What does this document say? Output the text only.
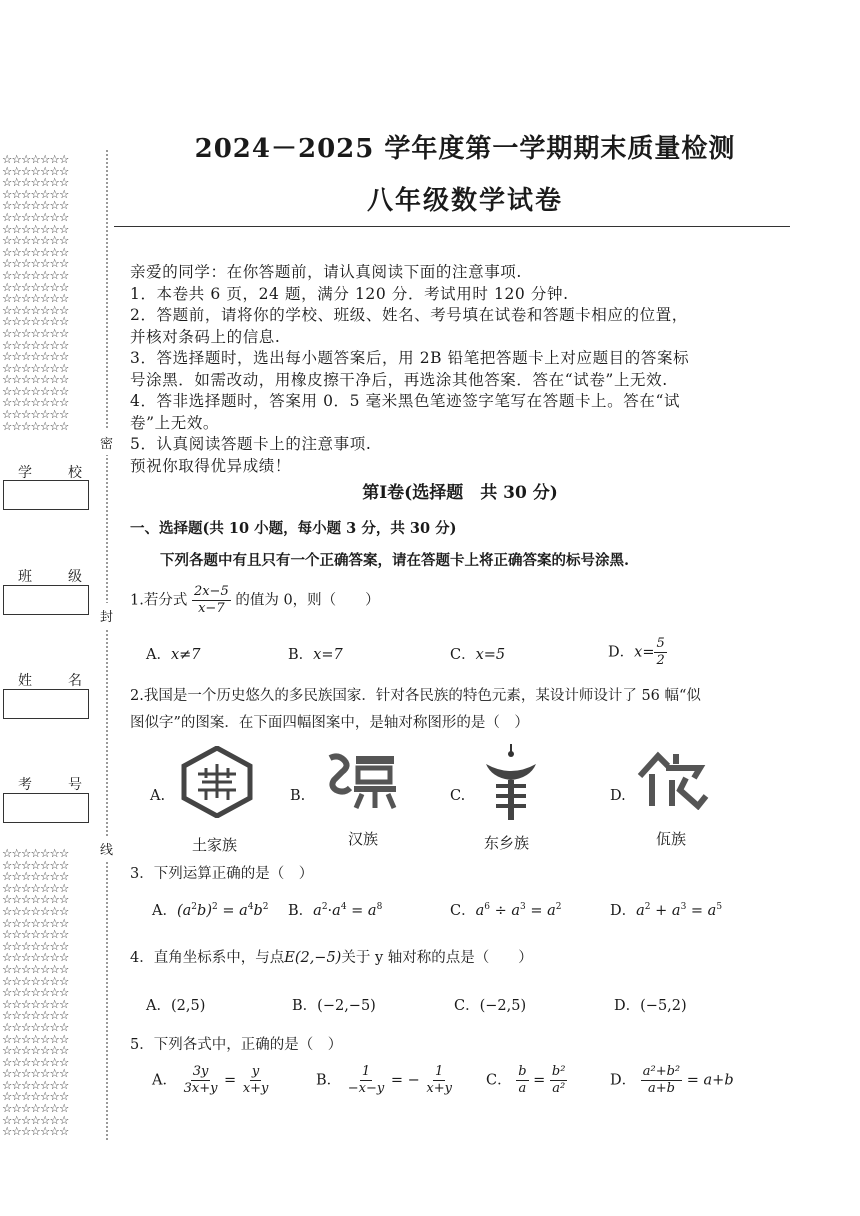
☆☆☆☆☆☆☆
☆☆☆☆☆☆☆
☆☆☆☆☆☆☆
☆☆☆☆☆☆☆
☆☆☆☆☆☆☆
☆☆☆☆☆☆☆
☆☆☆☆☆☆☆
☆☆☆☆☆☆☆
☆☆☆☆☆☆☆
☆☆☆☆☆☆☆
☆☆☆☆☆☆☆
☆☆☆☆☆☆☆
☆☆☆☆☆☆☆
☆☆☆☆☆☆☆
☆☆☆☆☆☆☆
☆☆☆☆☆☆☆
☆☆☆☆☆☆☆
☆☆☆☆☆☆☆
☆☆☆☆☆☆☆
☆☆☆☆☆☆☆
☆☆☆☆☆☆☆
☆☆☆☆☆☆☆
☆☆☆☆☆☆☆
☆☆☆☆☆☆☆
☆☆☆☆☆☆☆
☆☆☆☆☆☆☆
☆☆☆☆☆☆☆
☆☆☆☆☆☆☆
☆☆☆☆☆☆☆
☆☆☆☆☆☆☆
☆☆☆☆☆☆☆
☆☆☆☆☆☆☆
☆☆☆☆☆☆☆
☆☆☆☆☆☆☆
☆☆☆☆☆☆☆
☆☆☆☆☆☆☆
☆☆☆☆☆☆☆
☆☆☆☆☆☆☆
☆☆☆☆☆☆☆
☆☆☆☆☆☆☆
☆☆☆☆☆☆☆
☆☆☆☆☆☆☆
☆☆☆☆☆☆☆
☆☆☆☆☆☆☆
☆☆☆☆☆☆☆
☆☆☆☆☆☆☆
☆☆☆☆☆☆☆
☆☆☆☆☆☆☆
☆☆☆☆☆☆☆
密
封
线
学	校
班	级
姓	名
考	号
2024－2025 学年度第一学期期末质量检测
八年级数学试卷
亲爱的同学：在你答题前，请认真阅读下面的注意事项.
1．本卷共 6 页，24 题，满分 120 分．考试用时 120 分钟.
2．答题前，请将你的学校、班级、姓名、考号填在试卷和答题卡相应的位置，
并核对条码上的信息.
3．答选择题时，选出每小题答案后，用 2B 铅笔把答题卡上对应题目的答案标
号涂黑．如需改动，用橡皮擦干净后，再选涂其他答案．答在“试卷”上无效.
4．答非选择题时，答案用 0．5 毫米黑色笔迹签字笔写在答题卡上。答在“试
卷”上无效。
5．认真阅读答题卡上的注意事项.
预祝你取得优异成绩！
第Ⅰ卷(选择题　共 30 分)
一、选择题(共 10 小题，每小题 3 分，共 30 分)
下列各题中有且只有一个正确答案，请在答题卡上将正确答案的标号涂黑.
1.若分式 $\frac{2x-5}{x-7}$ 的值为 0，则（　　）
A．x≠7	B．x=7	C．x=5	D．$x= \frac{5}{2}$
2.我国是一个历史悠久的多民族国家．针对各民族的特色元素，某设计师设计了 56 幅“似
图似字”的图案．在下面四幅图案中，是轴对称图形的是（　）
A.
土家族
B.
汉族
C.
东乡族
D.
佤族
3．下列运算正确的是（　）
A．$(a^2b)^2 = a^4b^2$ B．$a^2\cdot a^4 = a^8$	C．$a^6 \div a^3 = a^2$	D．$a^2 + a^3 = a^5$
4．直角坐标系中，与点E(2,−5)关于 y 轴对称的点是（　　）
A．(2,5)	B．(−2,−5)	C．(−2,5)	D．(−5,2)
5．下列各式中，正确的是（　）
A． $\frac{3y}{3x+y} = \frac{y}{x+y}$	B． $\frac{1}{-x-y}$ = − $\frac{1}{x+y}$ C． $\frac{b}{a} = \frac{\text{b²}}{\text{a²}}$	D． $\frac{\text{a²+b²}}{a+b} = a+b$
